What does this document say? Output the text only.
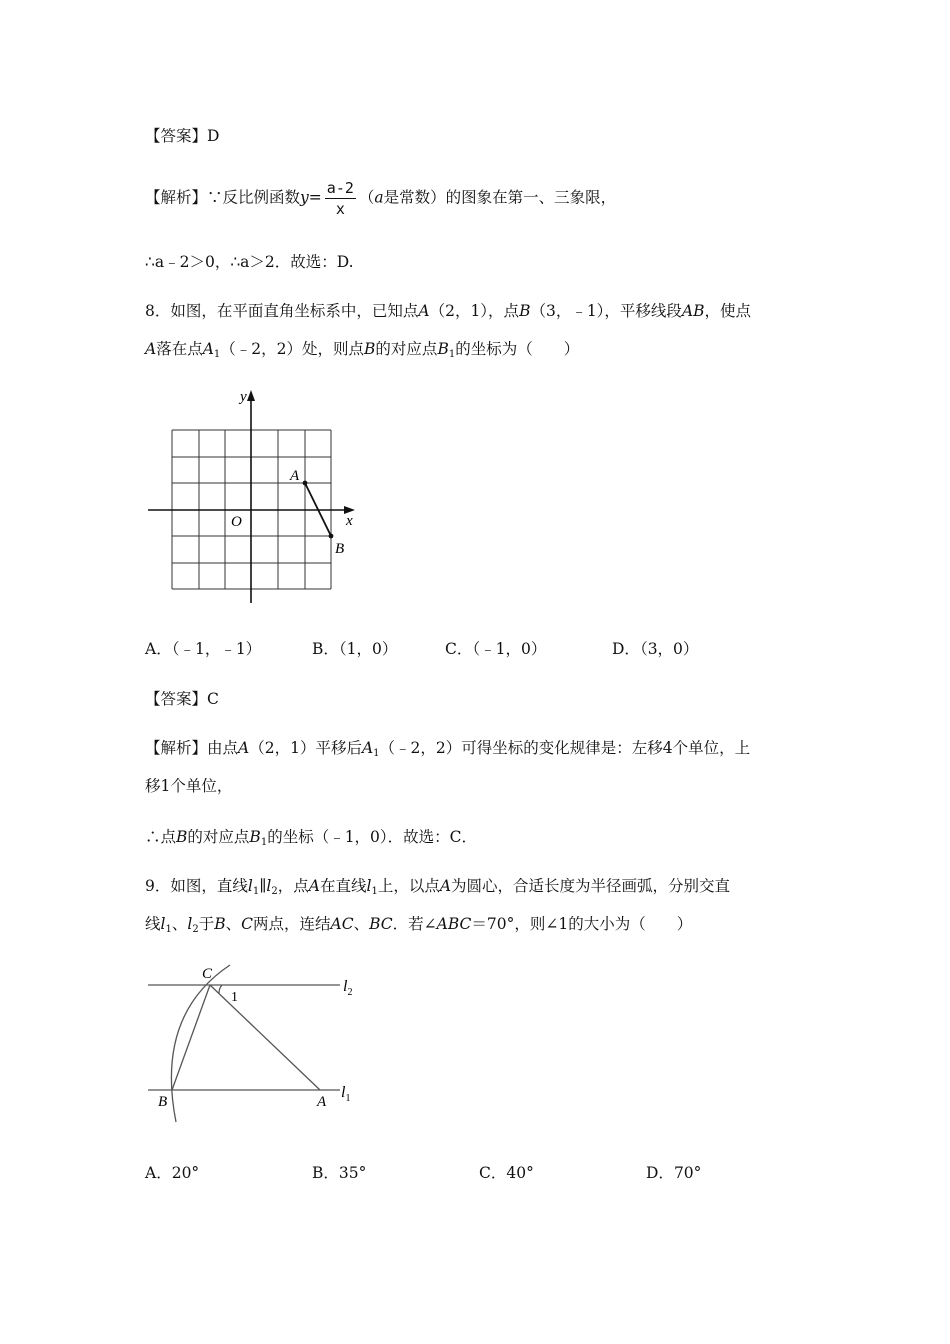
【答案】D
【解析】∵反比例函数$y= \frac{a-2}{x} (a$是常数）的图象在第一、三象限，
∴a﹣2＞0，∴a＞2．故选：D.
8．如图，在平面直角坐标系中，已知点A（2，1），点B（3，﹣1），平移线段AB，使点
A落在点$A_1(﹣2$，2）处，则点B的对应点$B_1$的坐标为（　　）
y
x
O
A
B
A．（﹣1，﹣1）	B．（1，0）	C．（﹣1，0）	D．（3，0）
【答案】C
【解析】由点A（2，1）平移后$A_1(﹣2$，2）可得坐标的变化规律是：左移4个单位，上
移1个单位，
∴点B的对应点$B_1$的坐标（﹣1，0）．故选：C．
9．如图，直线$l_1\parallel l_2$，点A在直线$l_1$上，以点A为圆心，合适长度为半径画弧，分别交直
线$l_1$、$l_2$于B、C两点，连结AC、BC．若∠ABC＝70°，则∠1的大小为（　　）
C
1
$l_2$
$l_1$
B	A
A．20°	B．35°	C．40°	D．70°
